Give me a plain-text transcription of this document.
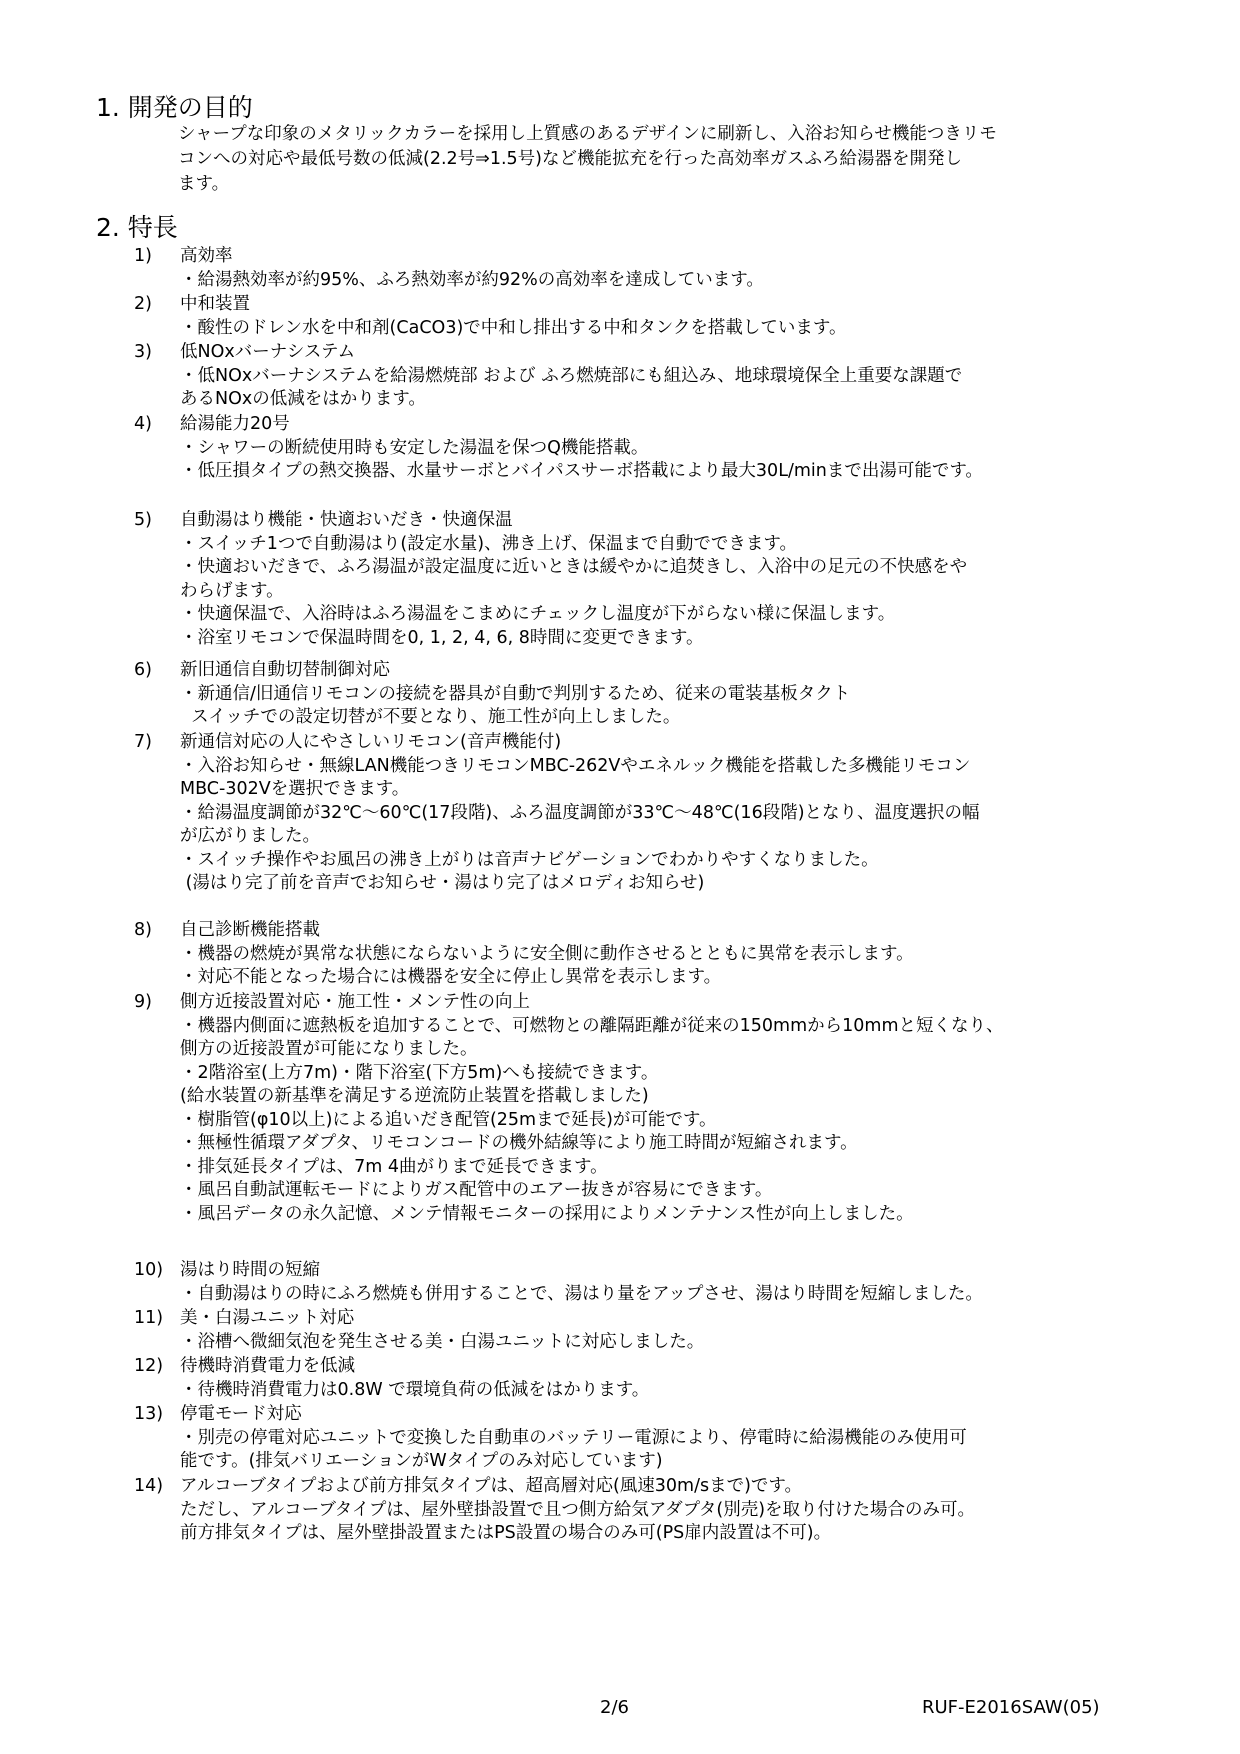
1. 開発の目的
シャープな印象のメタリックカラーを採用し上質感のあるデザインに刷新し、入浴お知らせ機能つきリモ
コンへの対応や最低号数の低減(2.2号⇒1.5号)など機能拡充を行った高効率ガスふろ給湯器を開発し
ます。
2. 特長
1) 高効率
・給湯熱効率が約95%、ふろ熱効率が約92%の高効率を達成しています。
2) 中和装置
・酸性のドレン水を中和剤(CaCO3)で中和し排出する中和タンクを搭載しています。
3) 低NOxバーナシステム
・低NOxバーナシステムを給湯燃焼部 および ふろ燃焼部にも組込み、地球環境保全上重要な課題で
あるNOxの低減をはかります。
4) 給湯能力20号
・シャワーの断続使用時も安定した湯温を保つQ機能搭載。
・低圧損タイプの熱交換器、水量サーボとバイパスサーボ搭載により最大30L/minまで出湯可能です。
5) 自動湯はり機能・快適おいだき・快適保温
・スイッチ1つで自動湯はり(設定水量)、沸き上げ、保温まで自動でできます。
・快適おいだきで、ふろ湯温が設定温度に近いときは緩やかに追焚きし、入浴中の足元の不快感をや
わらげます。
・快適保温で、入浴時はふろ湯温をこまめにチェックし温度が下がらない様に保温します。
・浴室リモコンで保温時間を0, 1, 2, 4, 6, 8時間に変更できます。
6) 新旧通信自動切替制御対応
・新通信/旧通信リモコンの接続を器具が自動で判別するため、従来の電装基板タクト
スイッチでの設定切替が不要となり、施工性が向上しました。
7) 新通信対応の人にやさしいリモコン(音声機能付)
・入浴お知らせ・無線LAN機能つきリモコンMBC-262Vやエネルック機能を搭載した多機能リモコン
MBC-302Vを選択できます。
・給湯温度調節が32℃～60℃(17段階)、ふろ温度調節が33℃～48℃(16段階)となり、温度選択の幅
が広がりました。
・スイッチ操作やお風呂の沸き上がりは音声ナビゲーションでわかりやすくなりました。
(湯はり完了前を音声でお知らせ・湯はり完了はメロディお知らせ)
8) 自己診断機能搭載
・機器の燃焼が異常な状態にならないように安全側に動作させるとともに異常を表示します。
・対応不能となった場合には機器を安全に停止し異常を表示します。
9) 側方近接設置対応・施工性・メンテ性の向上
・機器内側面に遮熱板を追加することで、可燃物との離隔距離が従来の150mmから10mmと短くなり、
側方の近接設置が可能になりました。
・2階浴室(上方7m)・階下浴室(下方5m)へも接続できます。
(給水装置の新基準を満足する逆流防止装置を搭載しました)
・樹脂管(φ10以上)による追いだき配管(25mまで延長)が可能です。
・無極性循環アダプタ、リモコンコードの機外結線等により施工時間が短縮されます。
・排気延長タイプは、7m 4曲がりまで延長できます。
・風呂自動試運転モードによりガス配管中のエアー抜きが容易にできます。
・風呂データの永久記憶、メンテ情報モニターの採用によりメンテナンス性が向上しました。
10) 湯はり時間の短縮
・自動湯はりの時にふろ燃焼も併用することで、湯はり量をアップさせ、湯はり時間を短縮しました。
11) 美・白湯ユニット対応
・浴槽へ微細気泡を発生させる美・白湯ユニットに対応しました。
12) 待機時消費電力を低減
・待機時消費電力は0.8W で環境負荷の低減をはかります。
13) 停電モード対応
・別売の停電対応ユニットで変換した自動車のバッテリー電源により、停電時に給湯機能のみ使用可
能です。(排気バリエーションがWタイプのみ対応しています)
14) アルコーブタイプおよび前方排気タイプは、超高層対応(風速30m/sまで)です。
ただし、アルコーブタイプは、屋外壁掛設置で且つ側方給気アダプタ(別売)を取り付けた場合のみ可。
前方排気タイプは、屋外壁掛設置またはPS設置の場合のみ可(PS扉内設置は不可)。
2/6	RUF-E2016SAW(05)
